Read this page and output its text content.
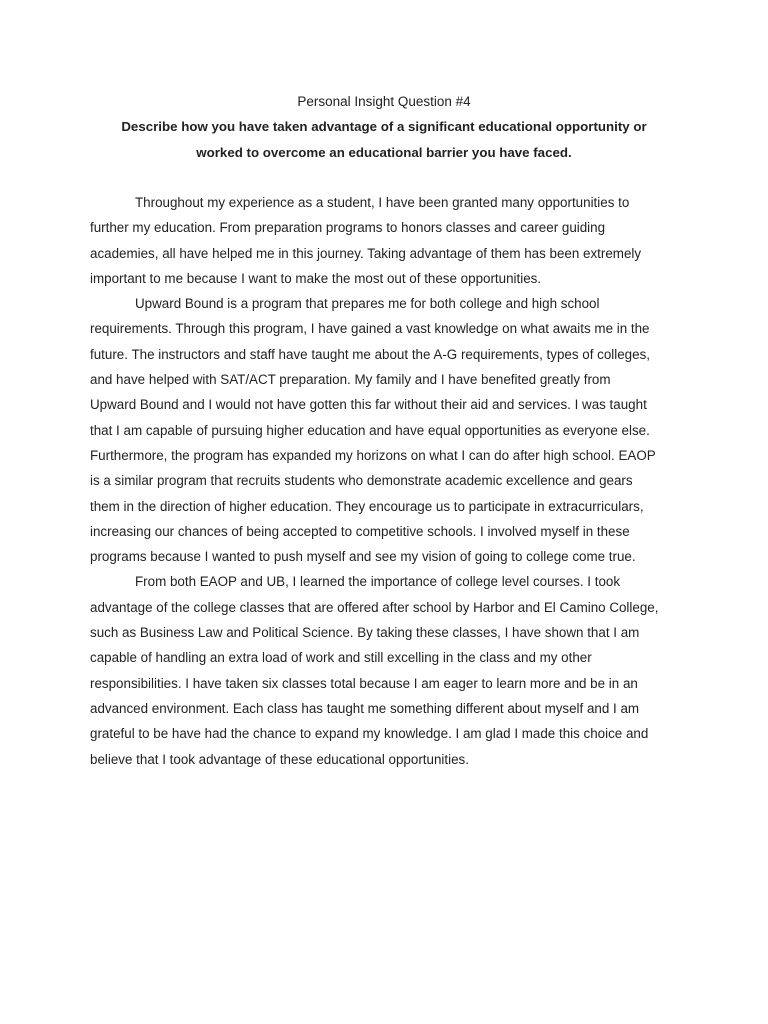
Personal Insight Question #4

Describe how you have taken advantage of a significant educational opportunity or
worked to overcome an educational barrier you have faced.
Throughout my experience as a student, I have been granted many opportunities to
further my education. From preparation programs to honors classes and career guiding
academies, all have helped me in this journey. Taking advantage of them has been extremely
important to me because I want to make the most out of these opportunities.
Upward Bound is a program that prepares me for both college and high school
requirements. Through this program, I have gained a vast knowledge on what awaits me in the
future. The instructors and staff have taught me about the A-G requirements, types of colleges,
and have helped with SAT/ACT preparation. My family and I have benefited greatly from
Upward Bound and I would not have gotten this far without their aid and services. I was taught
that I am capable of pursuing higher education and have equal opportunities as everyone else.
Furthermore, the program has expanded my horizons on what I can do after high school. EAOP
is a similar program that recruits students who demonstrate academic excellence and gears
them in the direction of higher education. They encourage us to participate in extracurriculars,
increasing our chances of being accepted to competitive schools. I involved myself in these
programs because I wanted to push myself and see my vision of going to college come true.
From both EAOP and UB, I learned the importance of college level courses. I took
advantage of the college classes that are offered after school by Harbor and El Camino College,
such as Business Law and Political Science. By taking these classes, I have shown that I am
capable of handling an extra load of work and still excelling in the class and my other
responsibilities. I have taken six classes total because I am eager to learn more and be in an
advanced environment. Each class has taught me something different about myself and I am
grateful to be have had the chance to expand my knowledge. I am glad I made this choice and
believe that I took advantage of these educational opportunities.
